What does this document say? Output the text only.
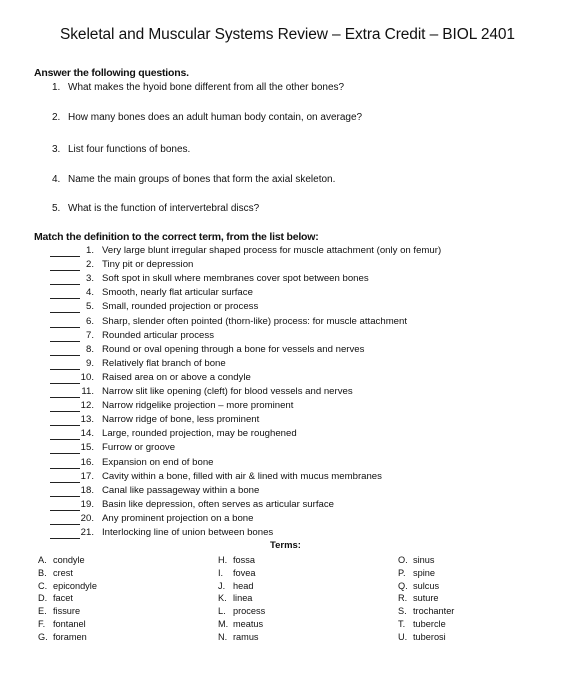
Skeletal and Muscular Systems Review – Extra Credit – BIOL 2401
Answer the following questions.
1. What makes the hyoid bone different from all the other bones?
2. How many bones does an adult human body contain, on average?
3. List four functions of bones.
4. Name the main groups of bones that form the axial skeleton.
5. What is the function of intervertebral discs?
Match the definition to the correct term, from the list below:
1. Very large blunt irregular shaped process for muscle attachment (only on femur)
2. Tiny pit or depression
3. Soft spot in skull where membranes cover spot between bones
4. Smooth, nearly flat articular surface
5. Small, rounded projection or process
6. Sharp, slender often pointed (thorn-like) process: for muscle attachment
7. Rounded articular process
8. Round or oval opening through a bone for vessels and nerves
9. Relatively flat branch of bone
10. Raised area on or above a condyle
11. Narrow slit like opening (cleft) for blood vessels and nerves
12. Narrow ridgelike projection – more prominent
13. Narrow ridge of bone, less prominent
14. Large, rounded projection, may be roughened
15. Furrow or groove
16. Expansion on end of bone
17. Cavity within a bone, filled with air & lined with mucus membranes
18. Canal like passageway within a bone
19. Basin like depression, often serves as articular surface
20. Any prominent projection on a bone
21. Interlocking line of union between bones
Terms:
A. condyle
B. crest
C. epicondyle
D. facet
E. fissure
F. fontanel
G. foramen
H. fossa
I. fovea
J. head
K. linea
L. process
M. meatus
N. ramus
O. sinus
P. spine
Q. sulcus
R. suture
S. trochanter
T. tubercle
U. tuberosi
